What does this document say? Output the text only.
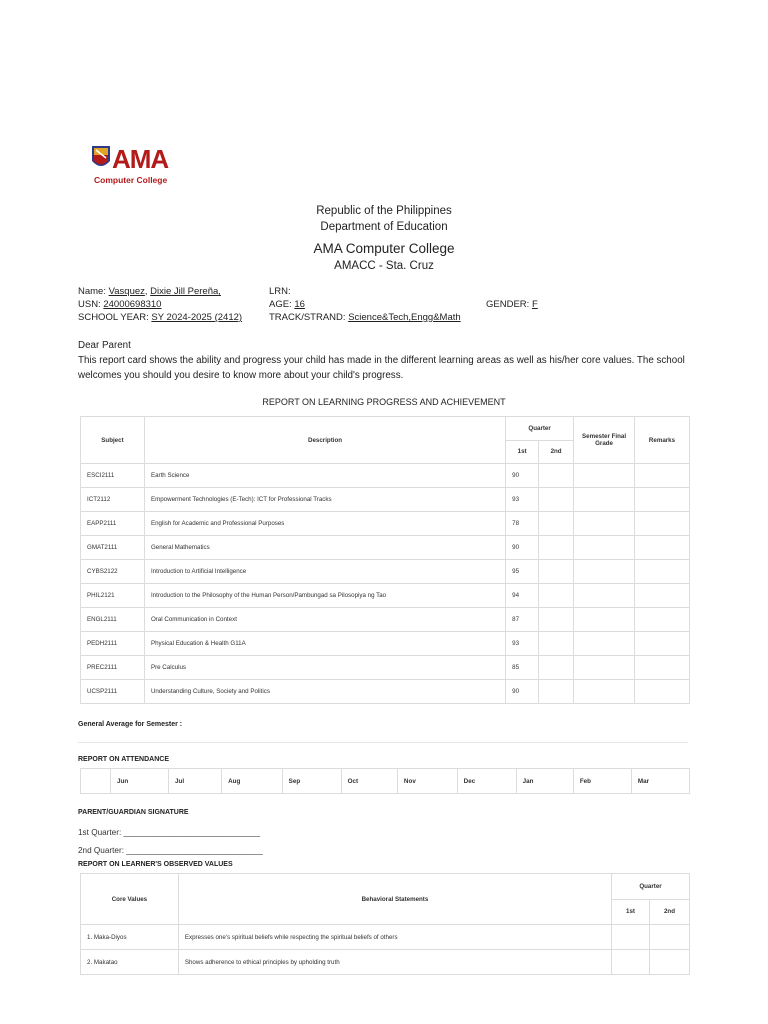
AMA
Computer College
Republic of the Philippines
Department of Education
AMA Computer College
AMACC - Sta. Cruz
Name: Vasquez, Dixie Jill Pereña,
USN: 24000698310
SCHOOL YEAR: SY 2024-2025 (2412)
LRN:
AGE: 16
TRACK/STRAND: Science&Tech,Engg&Math
GENDER: F
Dear Parent
This report card shows the ability and progress your child has made in the different learning areas as well as his/her core values. The school welcomes you should you desire to know more about your child's progress.
REPORT ON LEARNING PROGRESS AND ACHIEVEMENT
Subject	Description	Quarter		Semester Final Grade	Remarks
		1st	2nd		
ESCI2111	Earth Science	90			
ICT2112	Empowerment Technologies (E-Tech): ICT for Professional Tracks	93			
EAPP2111	English for Academic and Professional Purposes	78			
GMAT2111	General Mathematics	90			
CYBS2122	Introduction to Artificial Intelligence	95			
PHIL2121	Introduction to the Philosophy of the Human Person/Pambungad sa Pilosopiya ng Tao	94			
ENGL2111	Oral Communication in Context	87			
PEDH2111	Physical Education & Health G11A	93			
PREC2111	Pre Calculus	85			
UCSP2111	Understanding Culture, Society and Politics	90			
General Average for Semester :
REPORT ON ATTENDANCE
	Jun	Jul	Aug	Sep	Oct	Nov	Dec	Jan	Feb	Mar
PARENT/GUARDIAN SIGNATURE
1st Quarter: ______________________________
2nd Quarter: ______________________________
REPORT ON LEARNER'S OBSERVED VALUES
Core Values	Behavioral Statements	Quarter	
		1st	2nd
1. Maka-Diyos	Expresses one's spiritual beliefs while respecting the spiritual beliefs of others		
2. Makatao	Shows adherence to ethical principles by upholding truth		
